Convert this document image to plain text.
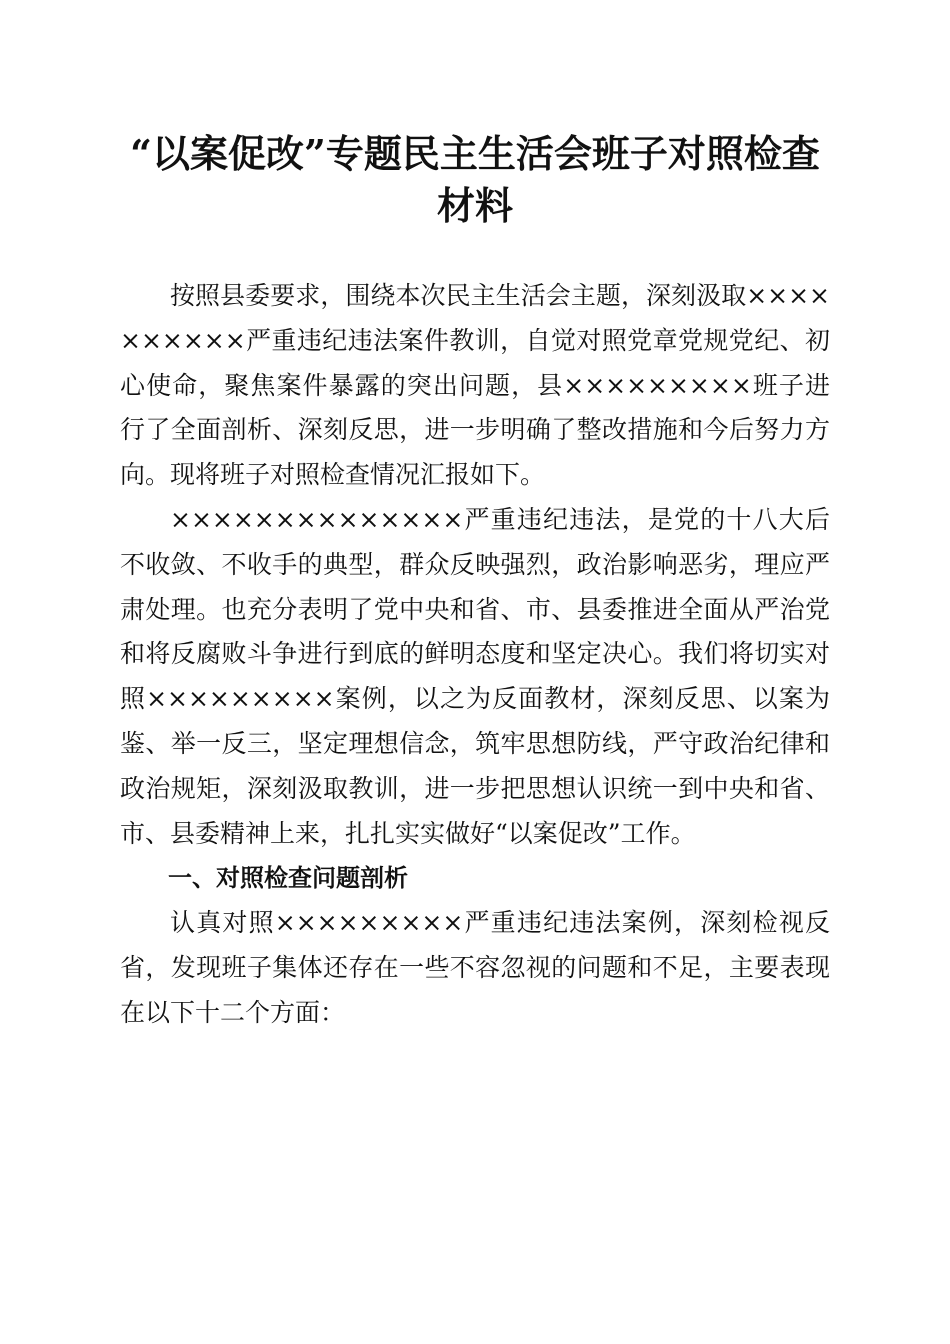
“以案促改”专题民主生活会班子对照检查材料

按照县委要求，围绕本次民主生活会主题，深刻汲取××××××××××严重违纪违法案件教训，自觉对照党章党规党纪、初心使命，聚焦案件暴露的突出问题，县×××××××××班子进行了全面剖析、深刻反思，进一步明确了整改措施和今后努力方向。现将班子对照检查情况汇报如下。

××××××××××××××严重违纪违法，是党的十八大后不收敛、不收手的典型，群众反映强烈，政治影响恶劣，理应严肃处理。也充分表明了党中央和省、市、县委推进全面从严治党和将反腐败斗争进行到底的鲜明态度和坚定决心。我们将切实对照×××××××××案例，以之为反面教材，深刻反思、以案为鉴、举一反三，坚定理想信念，筑牢思想防线，严守政治纪律和政治规矩，深刻汲取教训，进一步把思想认识统一到中央和省、市、县委精神上来，扎扎实实做好“以案促改”工作。

一、对照检查问题剖析

认真对照×××××××××严重违纪违法案例，深刻检视反省，发现班子集体还存在一些不容忽视的问题和不足，主要表现在以下十二个方面：
